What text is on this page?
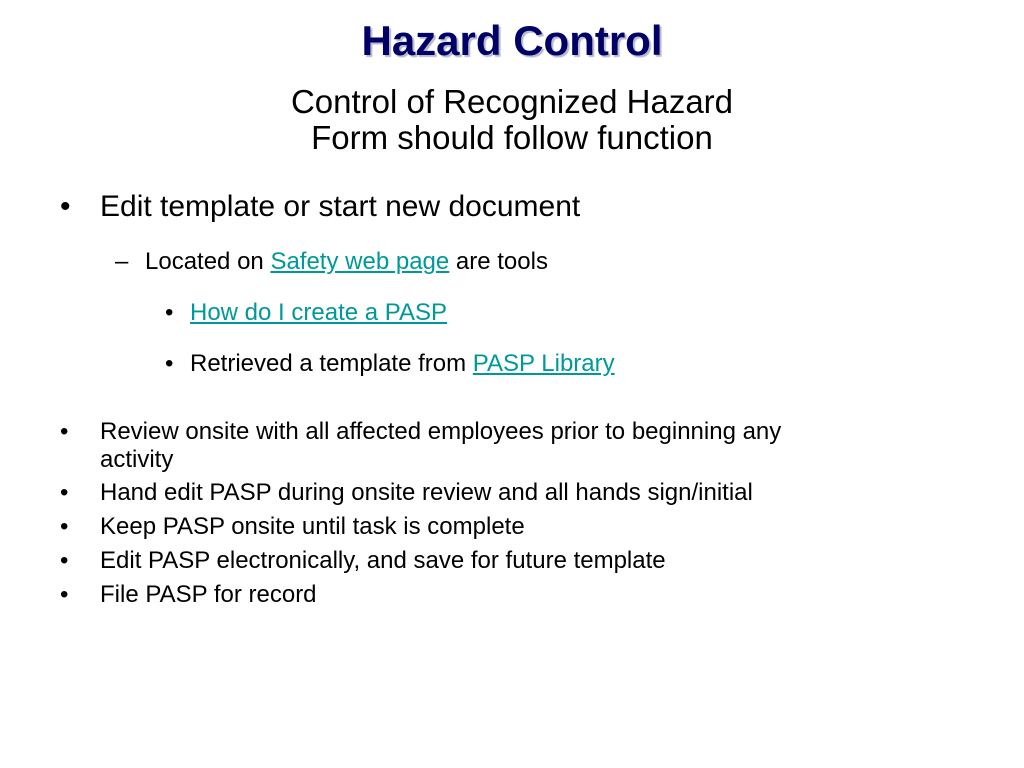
Hazard Control
Control of Recognized Hazard
Form should follow function
• Edit template or start new document
– Located on Safety web page are tools
• How do I create a PASP
• Retrieved a template from PASP Library
• Review onsite with all affected employees prior to beginning any
activity
• Hand edit PASP during onsite review and all hands sign/initial
• Keep PASP onsite until task is complete
• Edit PASP electronically, and save for future template
• File PASP for record
